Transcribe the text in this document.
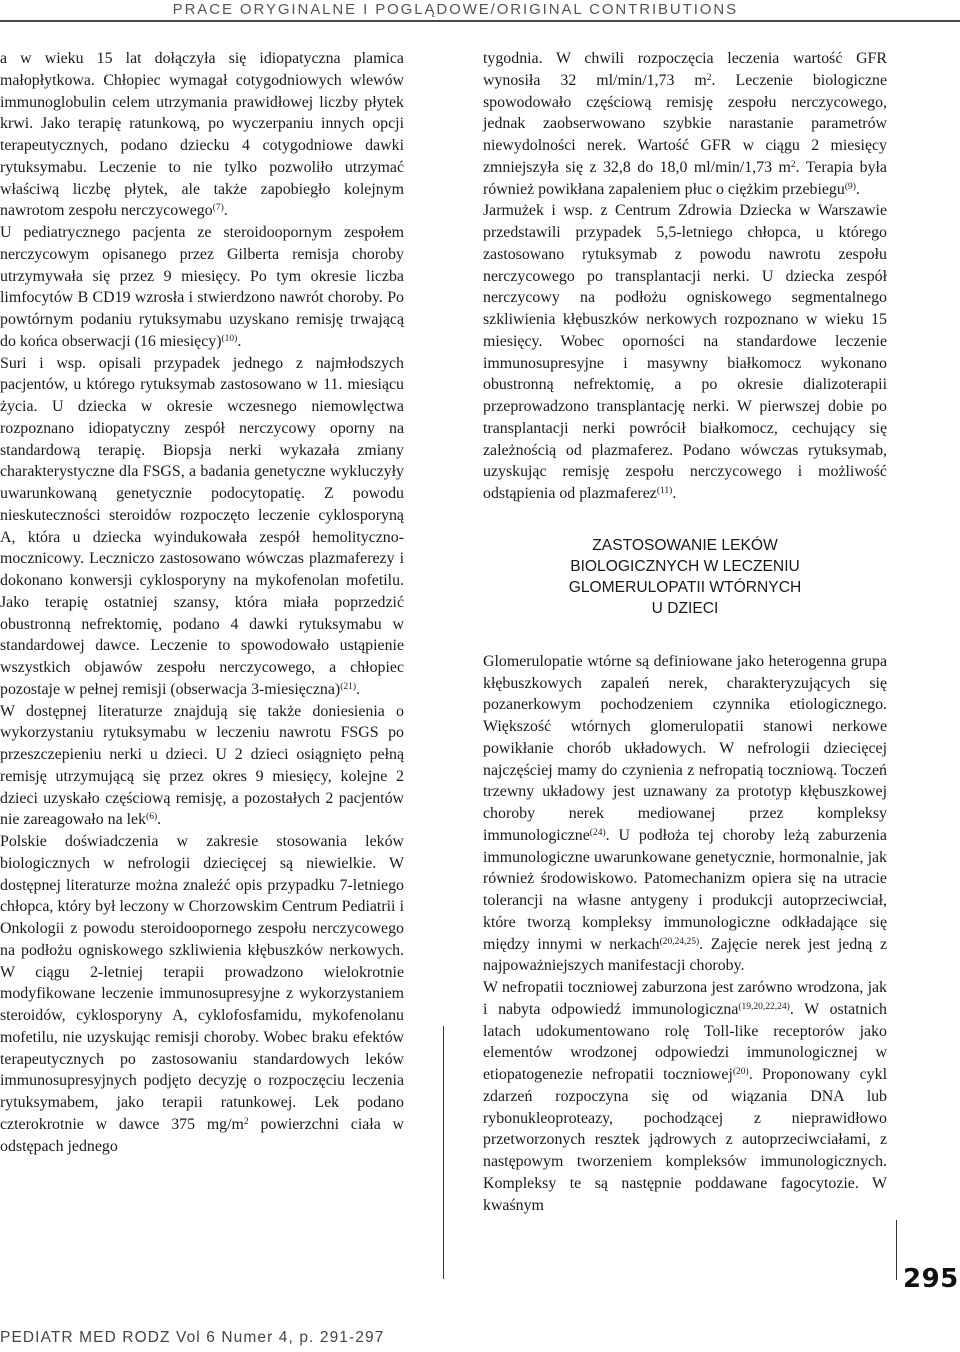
PRACE ORYGINALNE I POGLĄDOWE/ORIGINAL CONTRIBUTIONS

a w wieku 15 lat dołączyła się idiopatyczna plamica małopłytkowa. Chłopiec wymagał cotygodniowych wlewów immunoglobulin celem utrzymania prawidłowej liczby płytek krwi. Jako terapię ratunkową, po wyczerpaniu innych opcji terapeutycznych, podano dziecku 4 cotygodniowe dawki rytuksymabu. Leczenie to nie tylko pozwoliło utrzymać właściwą liczbę płytek, ale także zapobiegło kolejnym nawrotom zespołu nerczycowego$^{(7)}$.

U pediatrycznego pacjenta ze steroidoopornym zespołem nerczycowym opisanego przez Gilberta remisja choroby utrzymywała się przez 9 miesięcy. Po tym okresie liczba limfocytów B CD19 wzrosła i stwierdzono nawrót choroby. Po powtórnym podaniu rytuksymabu uzyskano remisję trwającą do końca obserwacji (16 miesięcy)$^{(10)}$.

Suri i wsp. opisali przypadek jednego z najmłodszych pacjentów, u którego rytuksymab zastosowano w 11. miesiącu życia. U dziecka w okresie wczesnego niemowlęctwa rozpoznano idiopatyczny zespół nerczycowy oporny na standardową terapię. Biopsja nerki wykazała zmiany charakterystyczne dla FSGS, a badania genetyczne wykluczyły uwarunkowaną genetycznie podocytopatię. Z powodu nieskuteczności steroidów rozpoczęto leczenie cyklosporyną A, która u dziecka wyindukowała zespół hemolityczno-mocznicowy. Leczniczo zastosowano wówczas plazmaferezy i dokonano konwersji cyklosporyny na mykofenolan mofetilu. Jako terapię ostatniej szansy, która miała poprzedzić obustronną nefrektomię, podano 4 dawki rytuksymabu w standardowej dawce. Leczenie to spowodowało ustąpienie wszystkich objawów zespołu nerczycowego, a chłopiec pozostaje w pełnej remisji (obserwacja 3-miesięczna)$^{(21)}$.

W dostępnej literaturze znajdują się także doniesienia o wykorzystaniu rytuksymabu w leczeniu nawrotu FSGS po przeszczepieniu nerki u dzieci. U 2 dzieci osiągnięto pełną remisję utrzymującą się przez okres 9 miesięcy, kolejne 2 dzieci uzyskało częściową remisję, a pozostałych 2 pacjentów nie zareagowało na lek$^{(6)}$.

Polskie doświadczenia w zakresie stosowania leków biologicznych w nefrologii dziecięcej są niewielkie. W dostępnej literaturze można znaleźć opis przypadku 7-letniego chłopca, który był leczony w Chorzowskim Centrum Pediatrii i Onkologii z powodu steroidoopornego zespołu nerczycowego na podłożu ogniskowego szkliwienia kłębuszków nerkowych. W ciągu 2-letniej terapii prowadzono wielokrotnie modyfikowane leczenie immunosupresyjne z wykorzystaniem steroidów, cyklosporyny A, cyklofosfamidu, mykofenolanu mofetilu, nie uzyskując remisji choroby. Wobec braku efektów terapeutycznych po zastosowaniu standardowych leków immunosupresyjnych podjęto decyzję o rozpoczęciu leczenia rytuksymabem, jako terapii ratunkowej. Lek podano czterokrotnie w dawce 375 $mg/m^2$ powierzchni ciała w odstępach jednego

tygodnia. W chwili rozpoczęcia leczenia wartość GFR wynosiła 32 ml/min/1,73 $m^2$. Leczenie biologiczne spowodowało częściową remisję zespołu nerczycowego, jednak zaobserwowano szybkie narastanie parametrów niewydolności nerek. Wartość GFR w ciągu 2 miesięcy zmniejszyła się z 32,8 do 18,0 ml/min/1,73 $m^2$. Terapia była również powikłana zapaleniem płuc o ciężkim przebiegu$^{(9)}$.

Jarmużek i wsp. z Centrum Zdrowia Dziecka w Warszawie przedstawili przypadek 5,5-letniego chłopca, u którego zastosowano rytuksymab z powodu nawrotu zespołu nerczycowego po transplantacji nerki. U dziecka zespół nerczycowy na podłożu ogniskowego segmentalnego szkliwienia kłębuszków nerkowych rozpoznano w wieku 15 miesięcy. Wobec oporności na standardowe leczenie immunosupresyjne i masywny białkomocz wykonano obustronną nefrektomię, a po okresie dializoterapii przeprowadzono transplantację nerki. W pierwszej dobie po transplantacji nerki powrócił białkomocz, cechujący się zależnością od plazmaferez. Podano wówczas rytuksymab, uzyskując remisję zespołu nerczycowego i możliwość odstąpienia od plazmaferez$^{(11)}$.

ZASTOSOWANIE LEKÓW
BIOLOGICZNYCH W LECZENIU
GLOMERULOPATII WTÓRNYCH
U DZIECI

Glomerulopatie wtórne są definiowane jako heterogenna grupa kłębuszkowych zapaleń nerek, charakteryzujących się pozanerkowym pochodzeniem czynnika etiologicznego. Większość wtórnych glomerulopatii stanowi nerkowe powikłanie chorób układowych. W nefrologii dziecięcej najczęściej mamy do czynienia z nefropatią toczniową. Toczeń trzewny układowy jest uznawany za prototyp kłębuszkowej choroby nerek mediowanej przez kompleksy immunologiczne$^{(24)}$. U podłoża tej choroby leżą zaburzenia immunologiczne uwarunkowane genetycznie, hormonalnie, jak również środowiskowo. Patomechanizm opiera się na utracie tolerancji na własne antygeny i produkcji autoprzeciwciał, które tworzą kompleksy immunologiczne odkładające się między innymi w nerkach$^{(20,24,25)}$. Zajęcie nerek jest jedną z najpoważniejszych manifestacji choroby.

W nefropatii toczniowej zaburzona jest zarówno wrodzona, jak i nabyta odpowiedź immunologiczna$^{(19,20,22,24)}$. W ostatnich latach udokumentowano rolę Toll-like receptorów jako elementów wrodzonej odpowiedzi immunologicznej w etiopatogenezie nefropatii toczniowej$^{(20)}$. Proponowany cykl zdarzeń rozpoczyna się od wiązania DNA lub rybonukleoproteazy, pochodzącej z nieprawidłowo przetworzonych resztek jądrowych z autoprzeciwciałami, z następowym tworzeniem kompleksów immunologicznych. Kompleksy te są następnie poddawane fagocytozie. W kwaśnym

295
PEDIATR MED RODZ Vol 6 Numer 4, p. 291-297
